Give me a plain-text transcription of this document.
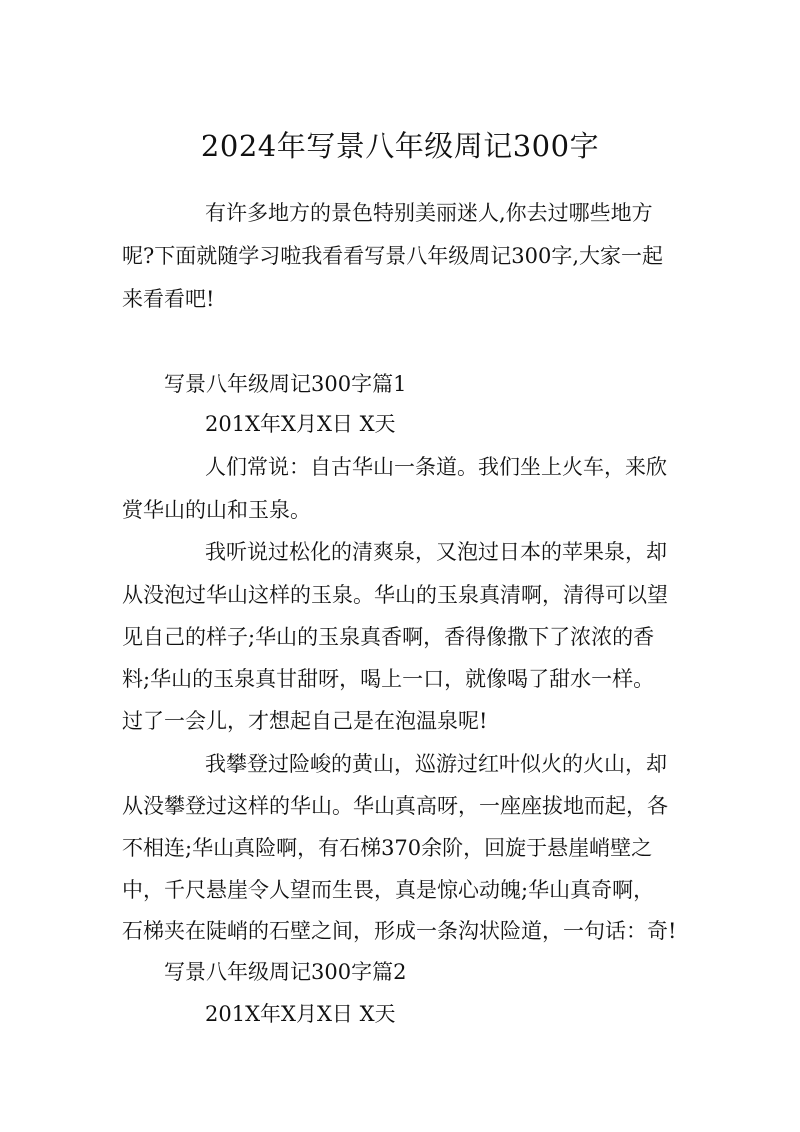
2024年写景八年级周记300字
有许多地方的景色特别美丽迷人,你去过哪些地方
呢?下面就随学习啦我看看写景八年级周记300字,大家一起
来看看吧!
写景八年级周记300字篇1
201X年X月X日 X天
人们常说：自古华山一条道。我们坐上火车，来欣
赏华山的山和玉泉。
我听说过松化的清爽泉，又泡过日本的苹果泉，却
从没泡过华山这样的玉泉。华山的玉泉真清啊，清得可以望
见自己的样子;华山的玉泉真香啊，香得像撒下了浓浓的香
料;华山的玉泉真甘甜呀，喝上一口，就像喝了甜水一样。
过了一会儿，才想起自己是在泡温泉呢!
我攀登过险峻的黄山，巡游过红叶似火的火山，却
从没攀登过这样的华山。华山真高呀，一座座拔地而起，各
不相连;华山真险啊，有石梯370余阶，回旋于悬崖峭壁之
中，千尺悬崖令人望而生畏，真是惊心动魄;华山真奇啊，
石梯夹在陡峭的石壁之间，形成一条沟状险道，一句话：奇!
写景八年级周记300字篇2
201X年X月X日 X天
